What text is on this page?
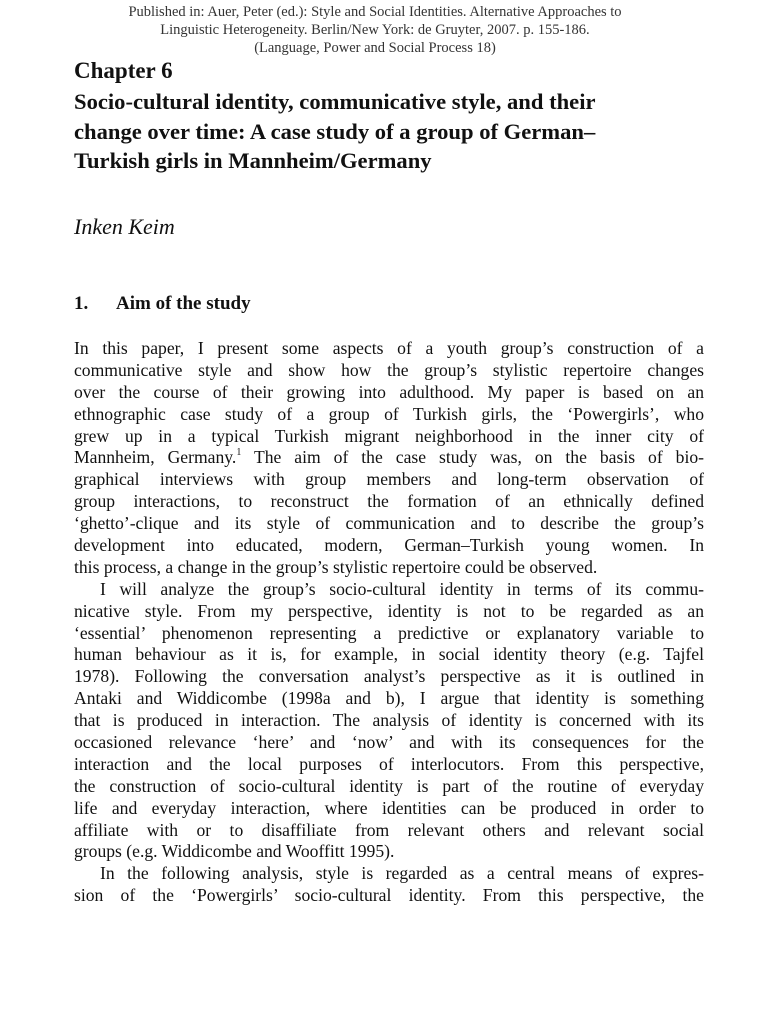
Published in: Auer, Peter (ed.): Style and Social Identities. Alternative Approaches to
Linguistic Heterogeneity. Berlin/New York: de Gruyter, 2007. p. 155-186.
(Language, Power and Social Process 18)
Chapter 6
Socio-cultural identity, communicative style, and their
change over time: A case study of a group of German–
Turkish girls in Mannheim/Germany
Inken Keim
1. Aim of the study
In this paper, I present some aspects of a youth group’s construction of a
communicative style and show how the group’s stylistic repertoire changes
over the course of their growing into adulthood. My paper is based on an
ethnographic case study of a group of Turkish girls, the ‘Powergirls’, who
grew up in a typical Turkish migrant neighborhood in the inner city of
Mannheim, Germany.$^1$ The aim of the case study was, on the basis of bio-
graphical interviews with group members and long-term observation of
group interactions, to reconstruct the formation of an ethnically defined
‘ghetto’-clique and its style of communication and to describe the group’s
development into educated, modern, German–Turkish young women. In
this process, a change in the group’s stylistic repertoire could be observed.
I will analyze the group’s socio-cultural identity in terms of its commu-
nicative style. From my perspective, identity is not to be regarded as an
‘essential’ phenomenon representing a predictive or explanatory variable to
human behaviour as it is, for example, in social identity theory (e.g. Tajfel
1978). Following the conversation analyst’s perspective as it is outlined in
Antaki and Widdicombe (1998a and b), I argue that identity is something
that is produced in interaction. The analysis of identity is concerned with its
occasioned relevance ‘here’ and ‘now’ and with its consequences for the
interaction and the local purposes of interlocutors. From this perspective,
the construction of socio-cultural identity is part of the routine of everyday
life and everyday interaction, where identities can be produced in order to
affiliate with or to disaffiliate from relevant others and relevant social
groups (e.g. Widdicombe and Wooffitt 1995).
In the following analysis, style is regarded as a central means of expres-
sion of the ‘Powergirls’ socio-cultural identity. From this perspective, the
